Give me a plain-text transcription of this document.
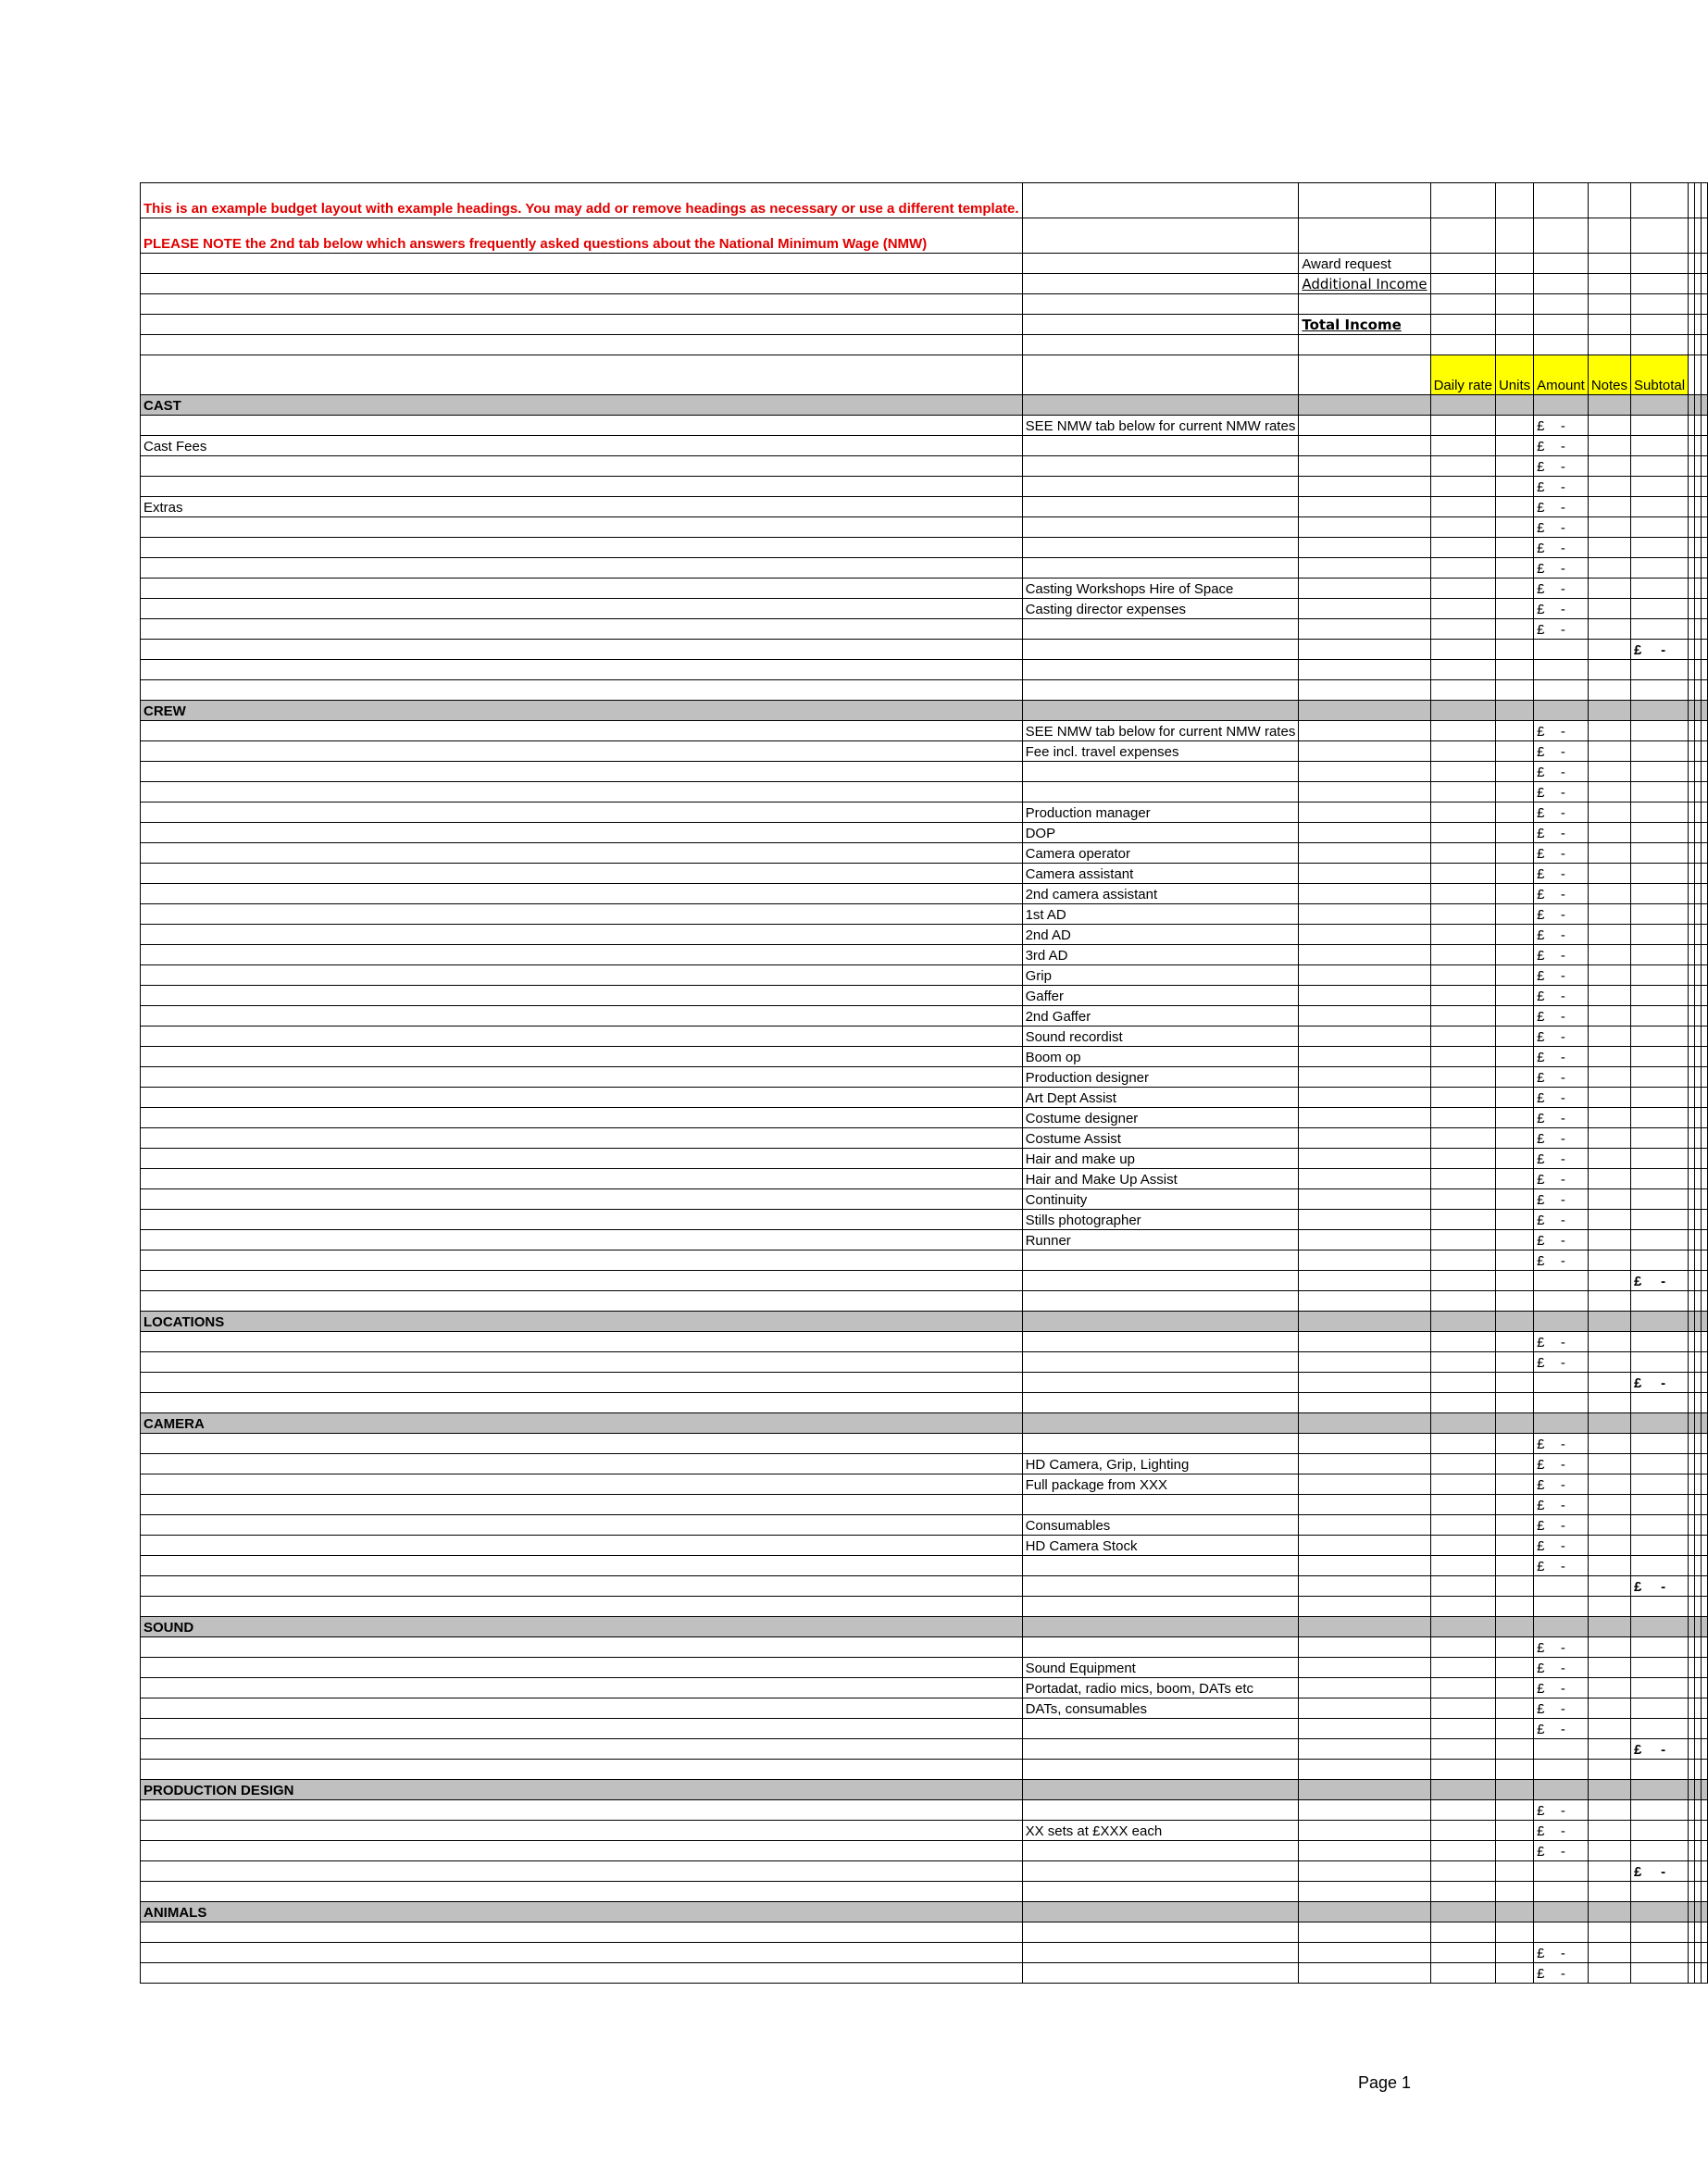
This is an example budget layout with example headings. You may add or remove headings as necessary or use a different template.										
PLEASE NOTE the 2nd tab below which answers frequently asked questions about the National Minimum Wage (NMW)										
		Award request								
		Additional Income								

		Total Income								

			Daily rate	Units	Amount	Notes	Subtotal			
CAST										
	SEE NMW tab below for current NMW rates				£ -					

Cast Fees					£ -					

					£ -					

					£ -					

Extras					£ -					

					£ -					

					£ -					

					£ -					

	Casting Workshops Hire of Space				£ -					

	Casting director expenses				£ -					

					£ -					

							£ -			

CREW										
	SEE NMW tab below for current NMW rates				£ -					

	Fee incl. travel expenses				£ -					

					£ -					

					£ -					

	Production manager				£ -					

	DOP				£ -					

	Camera operator				£ -					

	Camera assistant				£ -					

	2nd camera assistant				£ -					

	1st AD				£ -					

	2nd AD				£ -					

	3rd AD				£ -					

	Grip				£ -					

	Gaffer				£ -					

	2nd Gaffer				£ -					

	Sound recordist				£ -					

	Boom op				£ -					

	Production designer				£ -					

	Art Dept Assist				£ -					

	Costume designer				£ -					

	Costume Assist				£ -					

	Hair and make up				£ -					

	Hair and Make Up Assist				£ -					

	Continuity				£ -					

	Stills photographer				£ -					

	Runner				£ -					

					£ -					

							£ -			

LOCATIONS										
					£ -					

					£ -					

							£ -			

CAMERA										
					£ -					

	HD Camera, Grip, Lighting				£ -					

	Full package from XXX				£ -					

					£ -					

	Consumables				£ -					

	HD Camera Stock				£ -					

					£ -					

							£ -			

SOUND										
					£ -					

	Sound Equipment				£ -					

	Portadat, radio mics, boom, DATs etc				£ -					

	DATs, consumables				£ -					

					£ -					

							£ -			

PRODUCTION DESIGN										
					£ -					

	XX sets at £XXX each				£ -					

					£ -					

							£ -			

ANIMALS										

					£ -					

					£ -					

Page 1
